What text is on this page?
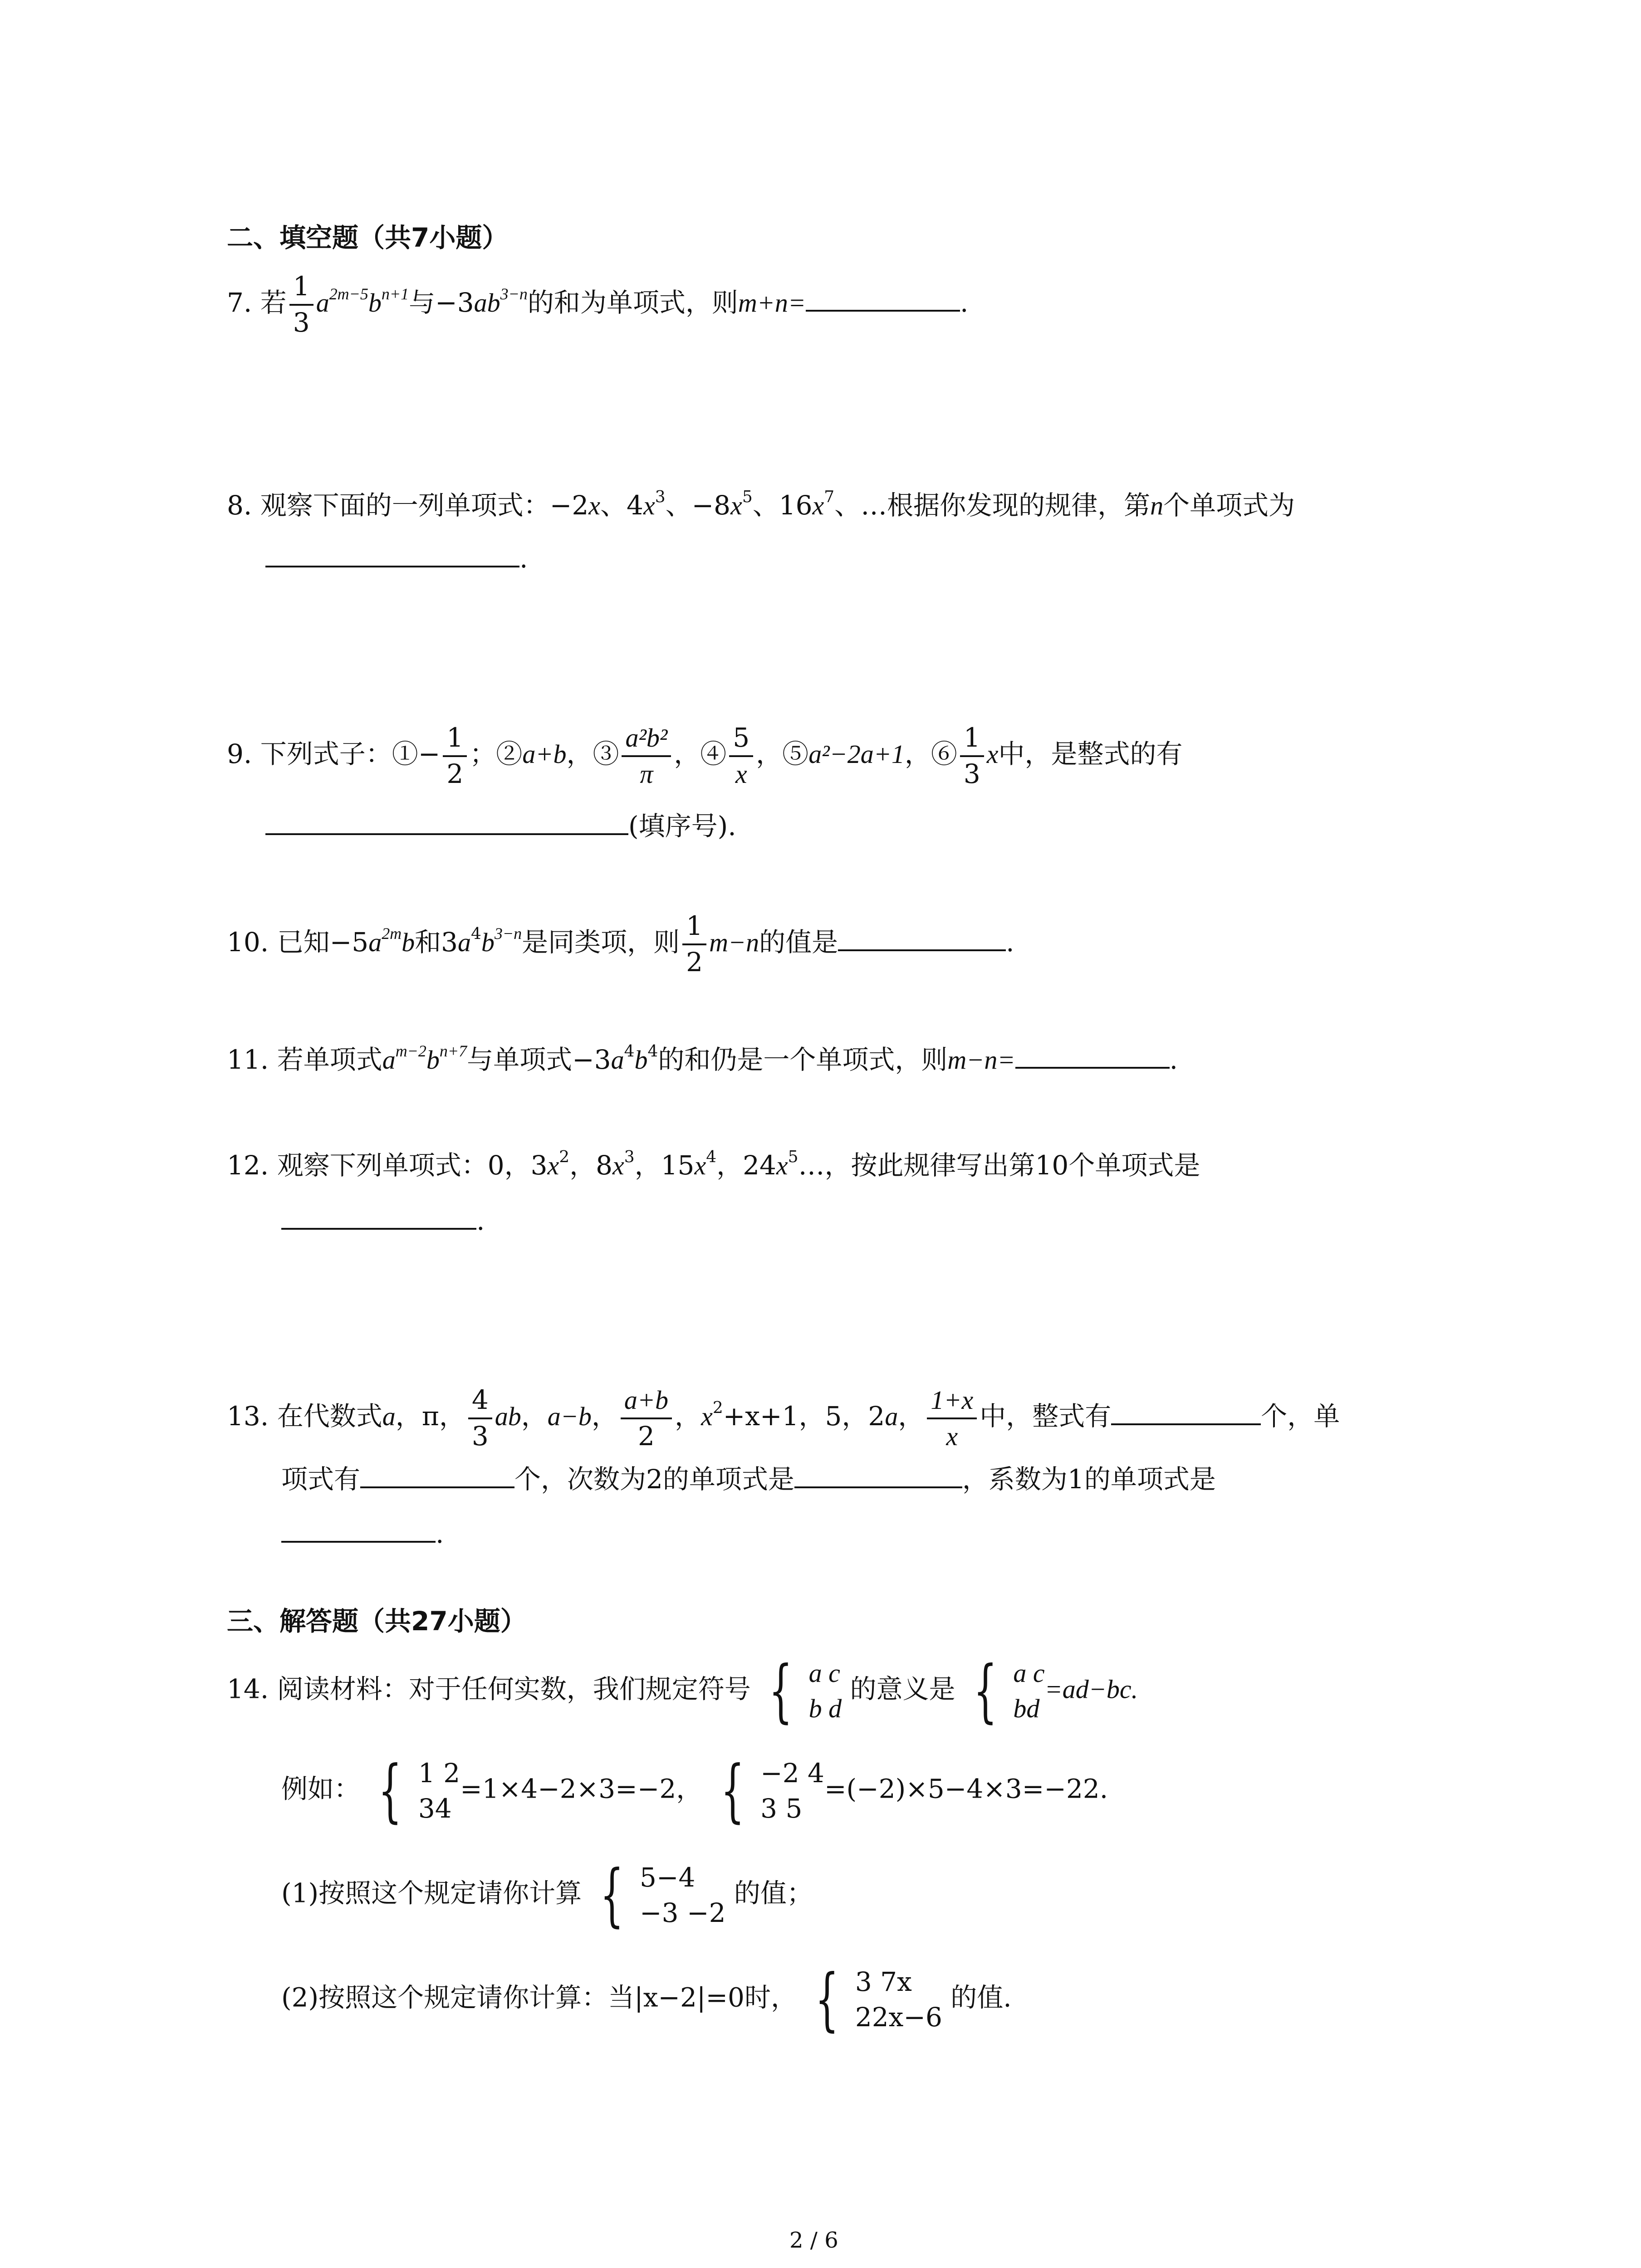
二、填空题（共7小题）
7. 若 $\frac{1}{3} a^{2m-5}b^{n+1}$与$-3ab^{3-n}$的和为单项式，则m+n=	.
8. 观察下面的一列单项式：−2x、$4x^3$、$-8x^5$、$16x^7$、…根据你发现的规律，第n个单项式为
.
9. 下列式子：①− $\frac{1}{2}$ ；②a+b，③ $\frac{\text{a²b²}}{\pi}$ ，④ $\frac{5}{x}$ ，⑤a²−2a+1，⑥ $\frac{1}{3}$ x中，是整式的有
(填序号).
10. 已知$-5a^{2m}b$和$3a^4b^{3-n}$是同类项，则 $\frac{1}{2} m-n$的值是	.
11. 若单项式$a^{m-2}b^{n+7}$与单项式$-3a^4b^4$的和仍是一个单项式，则m−n=	.
12. 观察下列单项式：0，$3x^2$，$8x^3$，$15x^4$，$24x^5\dots$，按此规律写出第10个单项式是
.
13. 在代数式a，π， $\frac{4}{3}$ ab，a−b， $\frac{a+b}{2}$ ，$x^2+x+1$，5，2a， $\frac{1+x}{x}$ 中，整式有	个，单
项式有	个，次数为2的单项式是	，系数为1的单项式是
.
三、解答题（共27小题）
14. 阅读材料：对于任何实数，我们规定符号 { a c
b d
的意义是 { a c
bd
=ad−bc.
例如： { 1 2
34
=1×4−2×3=−2， { −2 4
3 5
=(−2)×5−4×3=−22.
(1)按照这个规定请你计算 { 5−4
−3 −2
的值；
(2)按照这个规定请你计算：当|x−2|=0时， { 3 7x
22x−6
的值.
2 / 6
